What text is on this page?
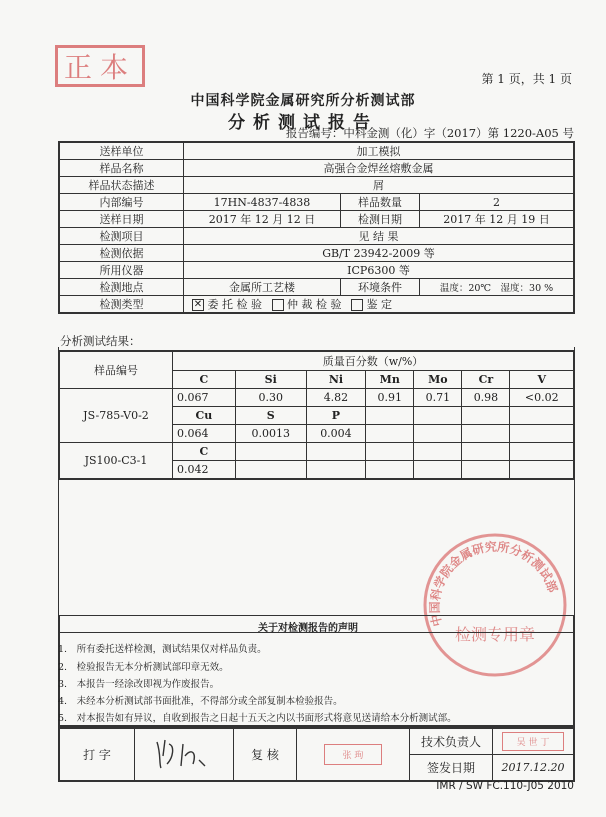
正本	第 1 页，共 1 页
中国科学院金属研究所分析测试部
分析测试报告
报告编号：中科金测（化）字（2017）第 1220-A05 号
送样单位	加工模拟		
样品名称	高强合金焊丝熔敷金属		
样品状态描述	屑		
内部编号	17HN-4837-4838	样品数量	2
送样日期	2017 年 12 月 12 日	检测日期	2017 年 12 月 19 日
检测项目	见 结 果		
检测依据	GB/T 23942-2009 等		
所用仪器	ICP6300 等		
检测地点	金属所工艺楼	环境条件	温度：20℃　湿度：30 %
检测类型	✕ 委 托 检 验 仲 裁 检 验 鉴 定		
分析测试结果：
样品编号	质量百分数（w/%）						
	C	Si	Ni	Mn	Mo	Cr	V
JS-785-V0-2	0.067	0.30	4.82	0.91	0.71	0.98	<0.02
	Cu	S	P				
	0.064	0.0013	0.004				
JS100-C3-1	C						
	0.042						
中国科学院金属研究所分析测试部
检测专用章
关于对检测报告的声明
1.　所有委托送样检测，测试结果仅对样品负责。
2.　检验报告无本分析测试部印章无效。
3.　本报告一经涂改即视为作废报告。
4.　未经本分析测试部书面批准，不得部分或全部复制本检验报告。
5.　对本报告如有异议，自收到报告之日起十五天之内以书面形式将意见送请给本分析测试部。
打 字		复 核	张 珣	技术负责人	吴 世 丁

				签发日期	2017.12.20
IMR / SW FC.110-J05 2010
